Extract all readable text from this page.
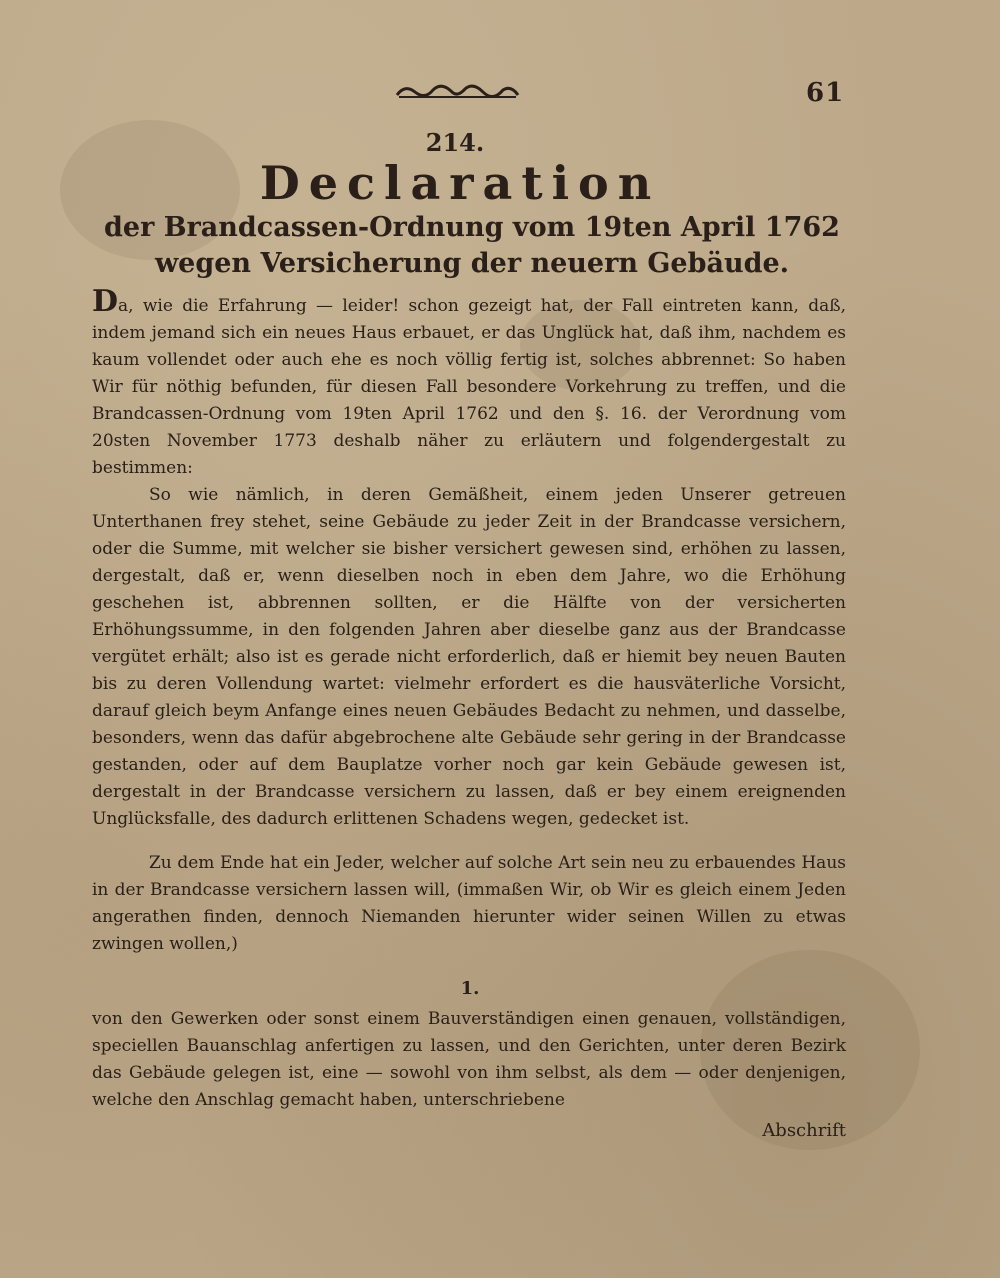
61
214.
Declaration
der Brandcassen-Ordnung vom 19ten April 1762 wegen Versicherung der neuern Gebäude.

Da, wie die Erfahrung — leider! schon gezeigt hat, der Fall eintreten kann, daß, indem jemand sich ein neues Haus erbauet, er das Unglück hat, daß ihm, nachdem es kaum vollendet oder auch ehe es noch völlig fertig ist, solches abbrennet: So haben Wir für nöthig befunden, für diesen Fall besondere Vorkehrung zu treffen, und die Brandcassen-Ordnung vom 19ten April 1762 und den §. 16. der Verordnung vom 20sten November 1773 deshalb näher zu erläutern und folgendergestalt zu bestimmen:

So wie nämlich, in deren Gemäßheit, einem jeden Unserer getreuen Unterthanen frey stehet, seine Gebäude zu jeder Zeit in der Brandcasse versichern, oder die Summe, mit welcher sie bisher versichert gewesen sind, erhöhen zu lassen, dergestalt, daß er, wenn dieselben noch in eben dem Jahre, wo die Erhöhung geschehen ist, abbrennen sollten, er die Hälfte von der versicherten Erhöhungssumme, in den folgenden Jahren aber dieselbe ganz aus der Brandcasse vergütet erhält; also ist es gerade nicht erforderlich, daß er hiemit bey neuen Bauten bis zu deren Vollendung wartet: vielmehr erfordert es die hausväterliche Vorsicht, darauf gleich beym Anfange eines neuen Gebäudes Bedacht zu nehmen, und dasselbe, besonders, wenn das dafür abgebrochene alte Gebäude sehr gering in der Brandcasse gestanden, oder auf dem Bauplatze vorher noch gar kein Gebäude gewesen ist, dergestalt in der Brandcasse versichern zu lassen, daß er bey einem ereignenden Unglücksfalle, des dadurch erlittenen Schadens wegen, gedecket ist.

Zu dem Ende hat ein Jeder, welcher auf solche Art sein neu zu erbauendes Haus in der Brandcasse versichern lassen will, (immaßen Wir, ob Wir es gleich einem Jeden angerathen finden, dennoch Niemanden hierunter wider seinen Willen zu etwas zwingen wollen,)

1.

von den Gewerken oder sonst einem Bauverständigen einen genauen, vollständigen, speciellen Bauanschlag anfertigen zu lassen, und den Gerichten, unter deren Bezirk das Gebäude gelegen ist, eine — sowohl von ihm selbst, als dem — oder denjenigen, welche den Anschlag gemacht haben, unterschriebene

Abschrift
